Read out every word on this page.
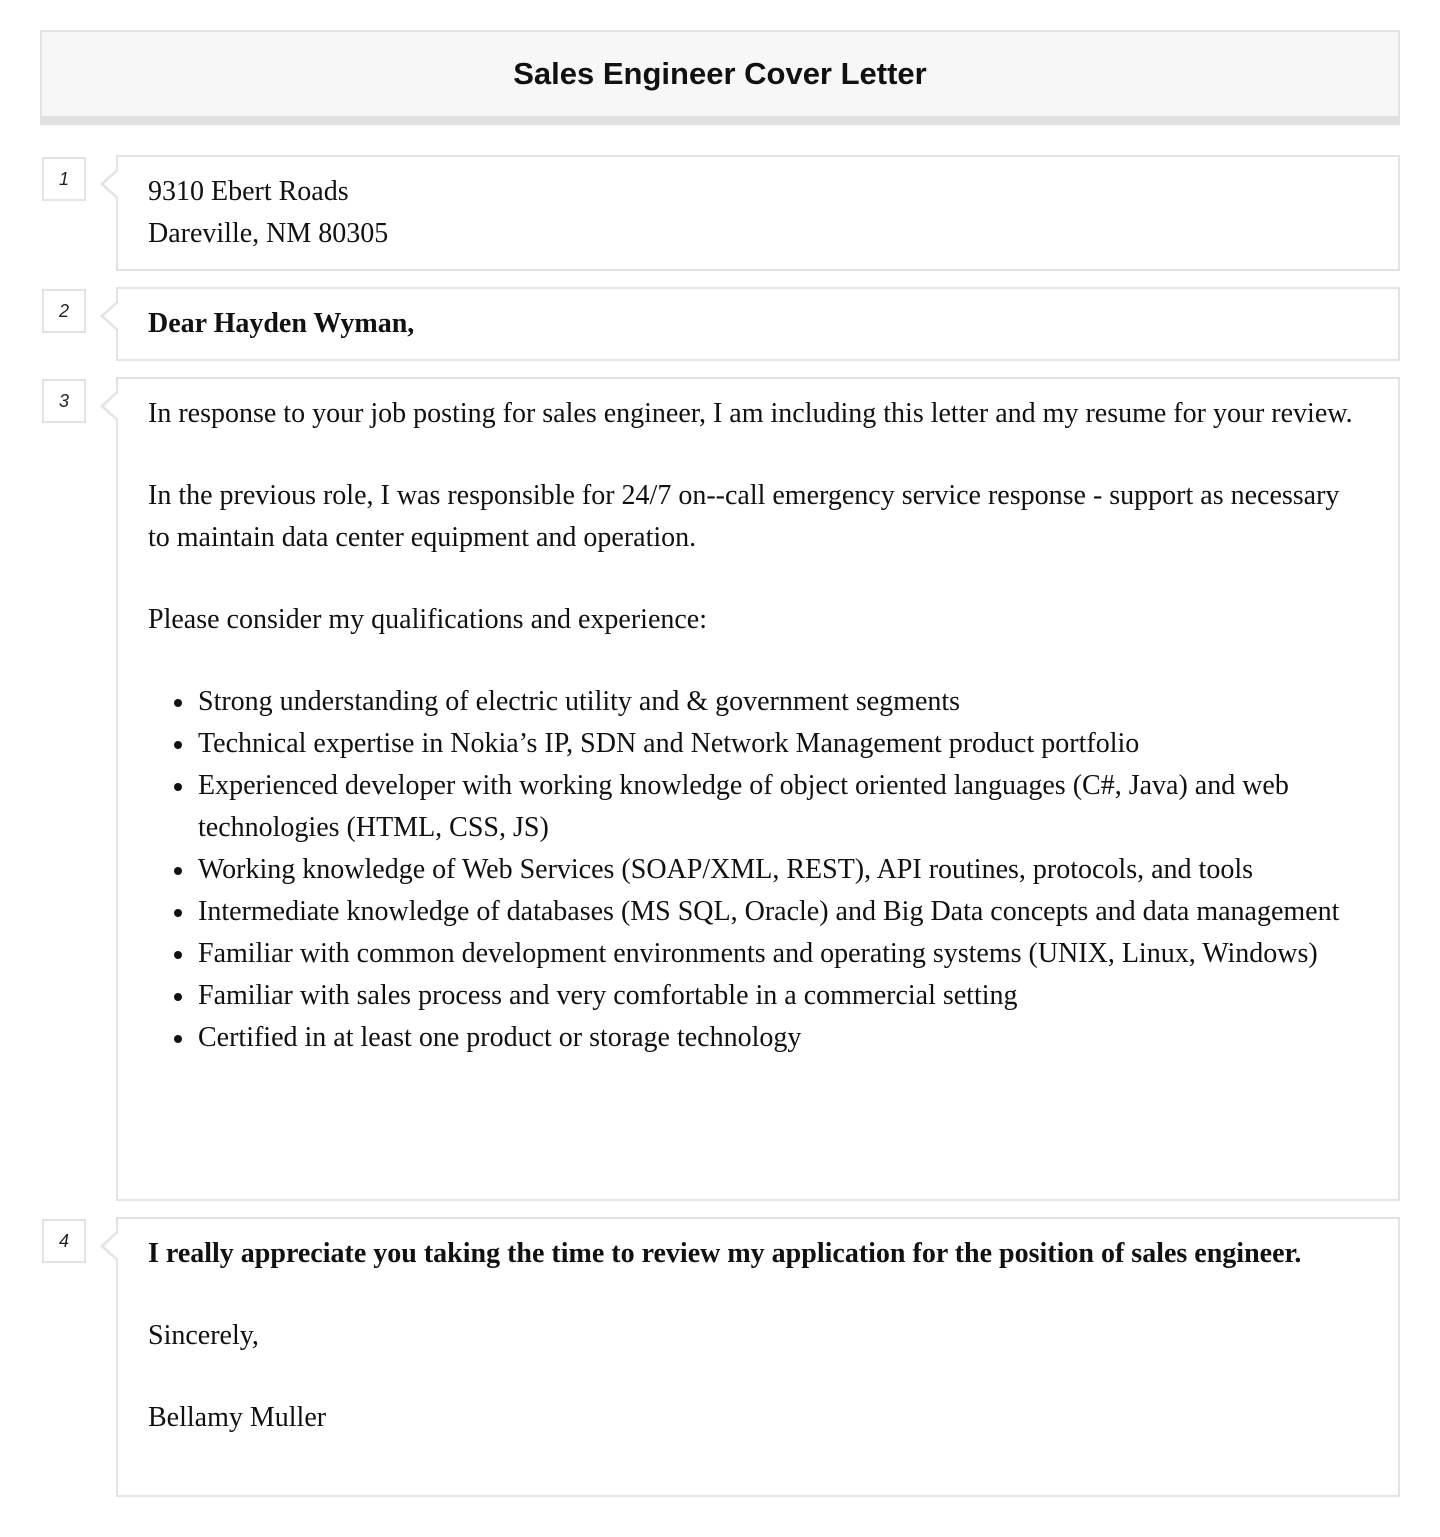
Sales Engineer Cover Letter
1	9310 Ebert Roads

Dareville, NM 80305

2	Dear Hayden Wyman,

3	In response to your job posting for sales engineer, I am including this letter and my resume for your review.

In the previous role, I was responsible for 24/7 on--call emergency service response - support as necessary to maintain data center equipment and operation.

Please consider my qualifications and experience:

Strong understanding of electric utility and & government segments
Technical expertise in Nokia’s IP, SDN and Network Management product portfolio
Experienced developer with working knowledge of object oriented languages (C#, Java) and web technologies (HTML, CSS, JS)
Working knowledge of Web Services (SOAP/XML, REST), API routines, protocols, and tools
Intermediate knowledge of databases (MS SQL, Oracle) and Big Data concepts and data management
Familiar with common development environments and operating systems (UNIX, Linux, Windows)
Familiar with sales process and very comfortable in a commercial setting
Certified in at least one product or storage technology
4	I really appreciate you taking the time to review my application for the position of sales engineer.

Sincerely,

Bellamy Muller
